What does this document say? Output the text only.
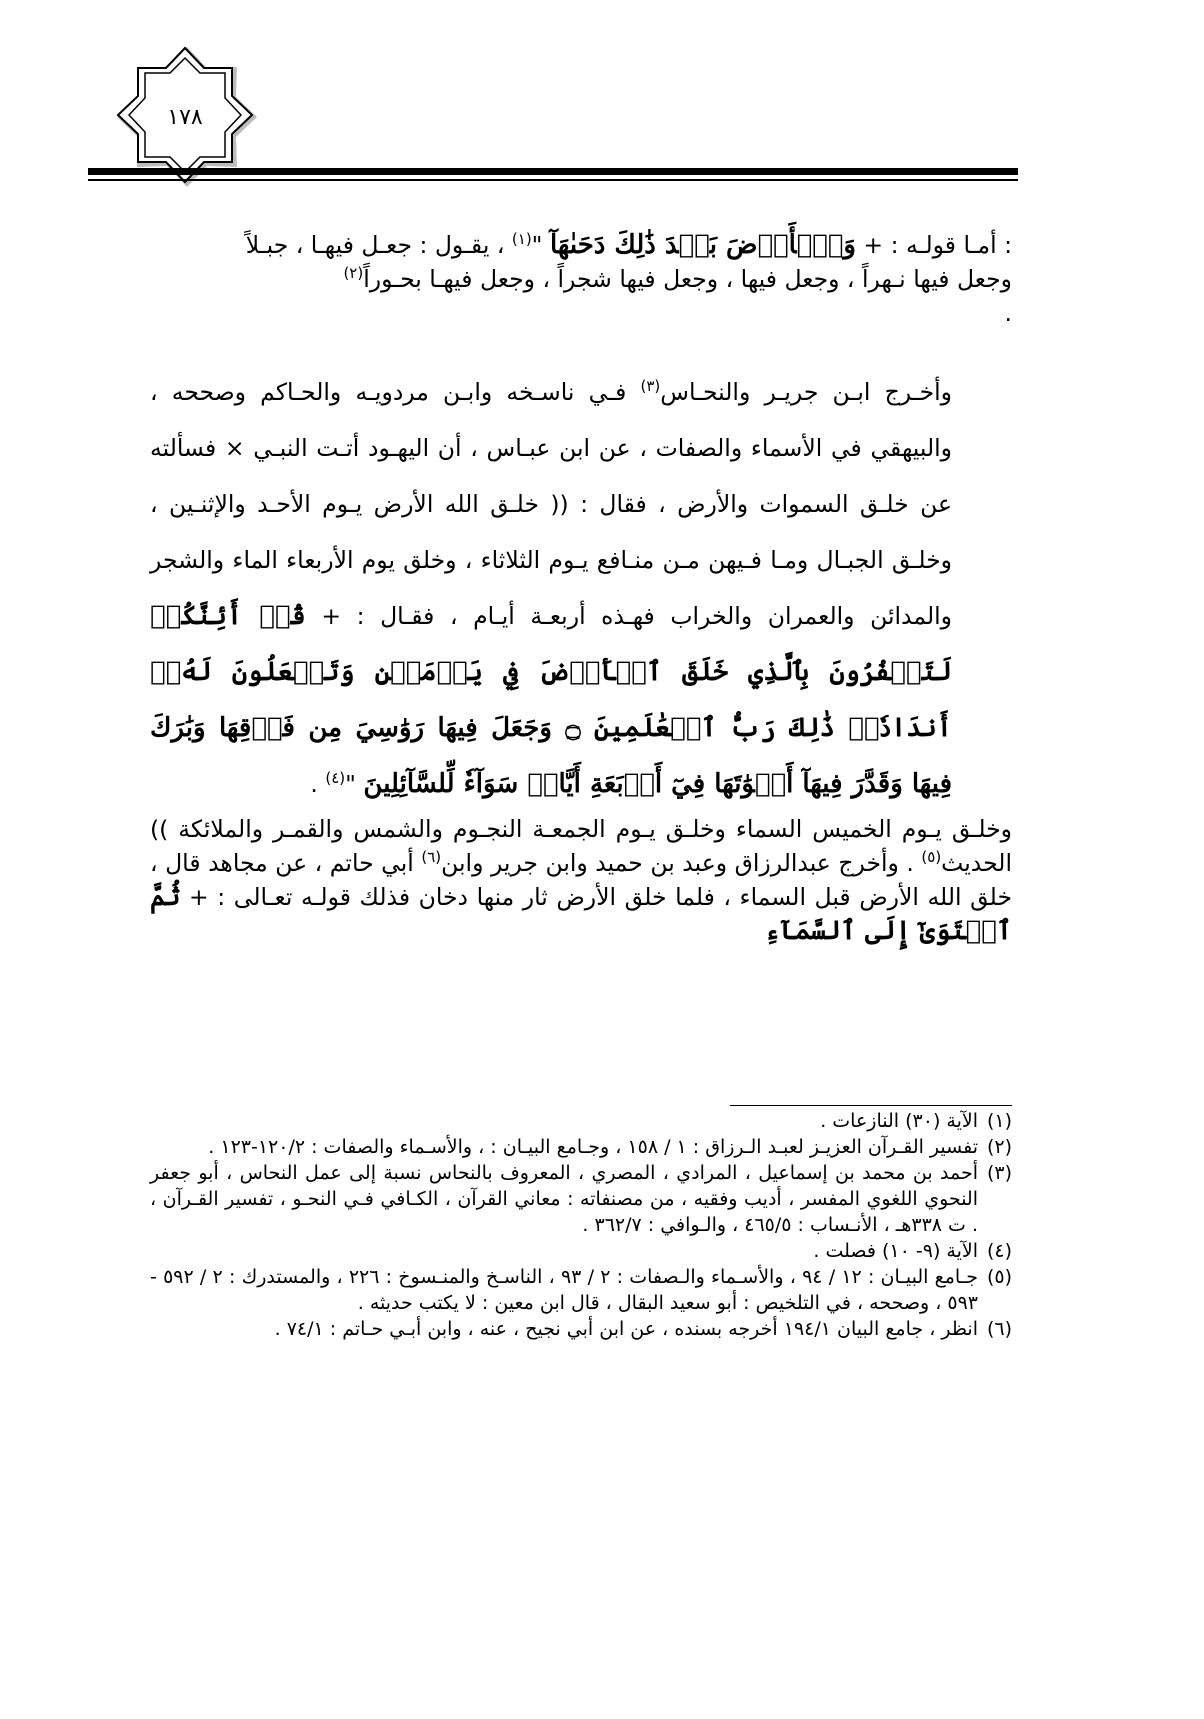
١٧٨

: أمـا قولـه : + وَٱلۡأَرۡضَ بَعۡدَ ذَٰلِكَ دَحَىٰهَآ "$^{(١)}$ ، يقـول : جعـل فيهـا ، جبـلاً
وجعل فيها نـهراً ، وجعل فيها ، وجعل فيها شجراً ، وجعل فيهـا بحـوراً$^{(٢)}$
.

وأخـرج ابـن جريـر والنحـاس$^{(٣)}$ فـي ناسـخه وابـن مردويـه والحـاكم وصححه ، والبيهقي في الأسماء والصفات ، عن ابن عبـاس ، أن اليهـود أتـت النبـي × فسألته عن خلـق السموات والأرض ، فقال : (( خلـق الله الأرض يـوم الأحـد والإثنـين ، وخلـق الجبـال ومـا فـيهن مـن منـافع يـوم الثلاثاء ، وخلق يوم الأربعاء الماء والشجر والمدائن والعمران والخراب فهـذه أربعـة أيـام ، فقـال : + قُلۡ أَئِنَّكُمۡ لَتَكۡفُرُونَ بِٱلَّذِي خَلَقَ ٱلۡأَرۡضَ فِي يَوۡمَيۡنِ وَتَجۡعَلُونَ لَهُۥٓ أَندَادٗاۚ ذَٰلِكَ رَبُّ ٱلۡعَٰلَمِينَ ۝ وَجَعَلَ فِيهَا رَوَٰسِيَ مِن فَوۡقِهَا وَبَٰرَكَ فِيهَا وَقَدَّرَ فِيهَآ أَقۡوَٰتَهَا فِيٓ أَرۡبَعَةِ أَيَّامٖ سَوَآءٗ لِّلسَّآئِلِينَ "$^{(٤)}$ .

وخلـق يـوم الخميس السماء وخلـق يـوم الجمعـة النجـوم والشمس والقمـر والملائكة )) الحديث$^{(٥)}$ . وأخرج عبدالرزاق وعبد بن حميد وابن جرير وابن$^{(٦)}$ أبي حاتم ، عن مجاهد قال ، خلق الله الأرض قبل السماء ، فلما خلق الأرض ثار منها دخان فذلك قولـه تعـالى : + ثُمَّ ٱسۡتَوَىٰٓ إِلَى ٱلسَّمَآءِ

(١)الآية (٣٠) النازعات .

(٢)تفسير القـرآن العزيـز لعبـد الـرزاق : ١ / ١٥٨ ، وجـامع البيـان : ، والأسـماء والصفات : ١٢٠/٢-١٢٣ .

(٣)أحمد بن محمد بن إسماعيل ، المرادي ، المصري ، المعروف بالنحاس نسبة إلى عمل النحاس ، أبو جعفر النحوي اللغوي المفسر ، أديب وفقيه ، من مصنفاته : معاني القرآن ، الكـافي فـي النحـو ، تفسير القـرآن ، . ت ٣٣٨هـ ، الأنـساب : ٤٦٥/٥ ، والـوافي : ٣٦٢/٧ .

(٤)الآية (٩- ١٠) فصلت .

(٥)جـامع البيـان : ١٢ / ٩٤ ، والأسـماء والـصفات : ٢ / ٩٣ ، الناسـخ والمنـسوخ : ٢٢٦ ، والمستدرك : ٢ / ٥٩٢ - ٥٩٣ ، وصححه ، في التلخيص : أبو سعيد البقال ، قال ابن معين : لا يكتب حديثه .

(٦)انظر ، جامع البيان ١٩٤/١ أخرجه بسنده ، عن ابن أبي نجيح ، عنه ، وابن أبـي حـاتم : ٧٤/١ .
